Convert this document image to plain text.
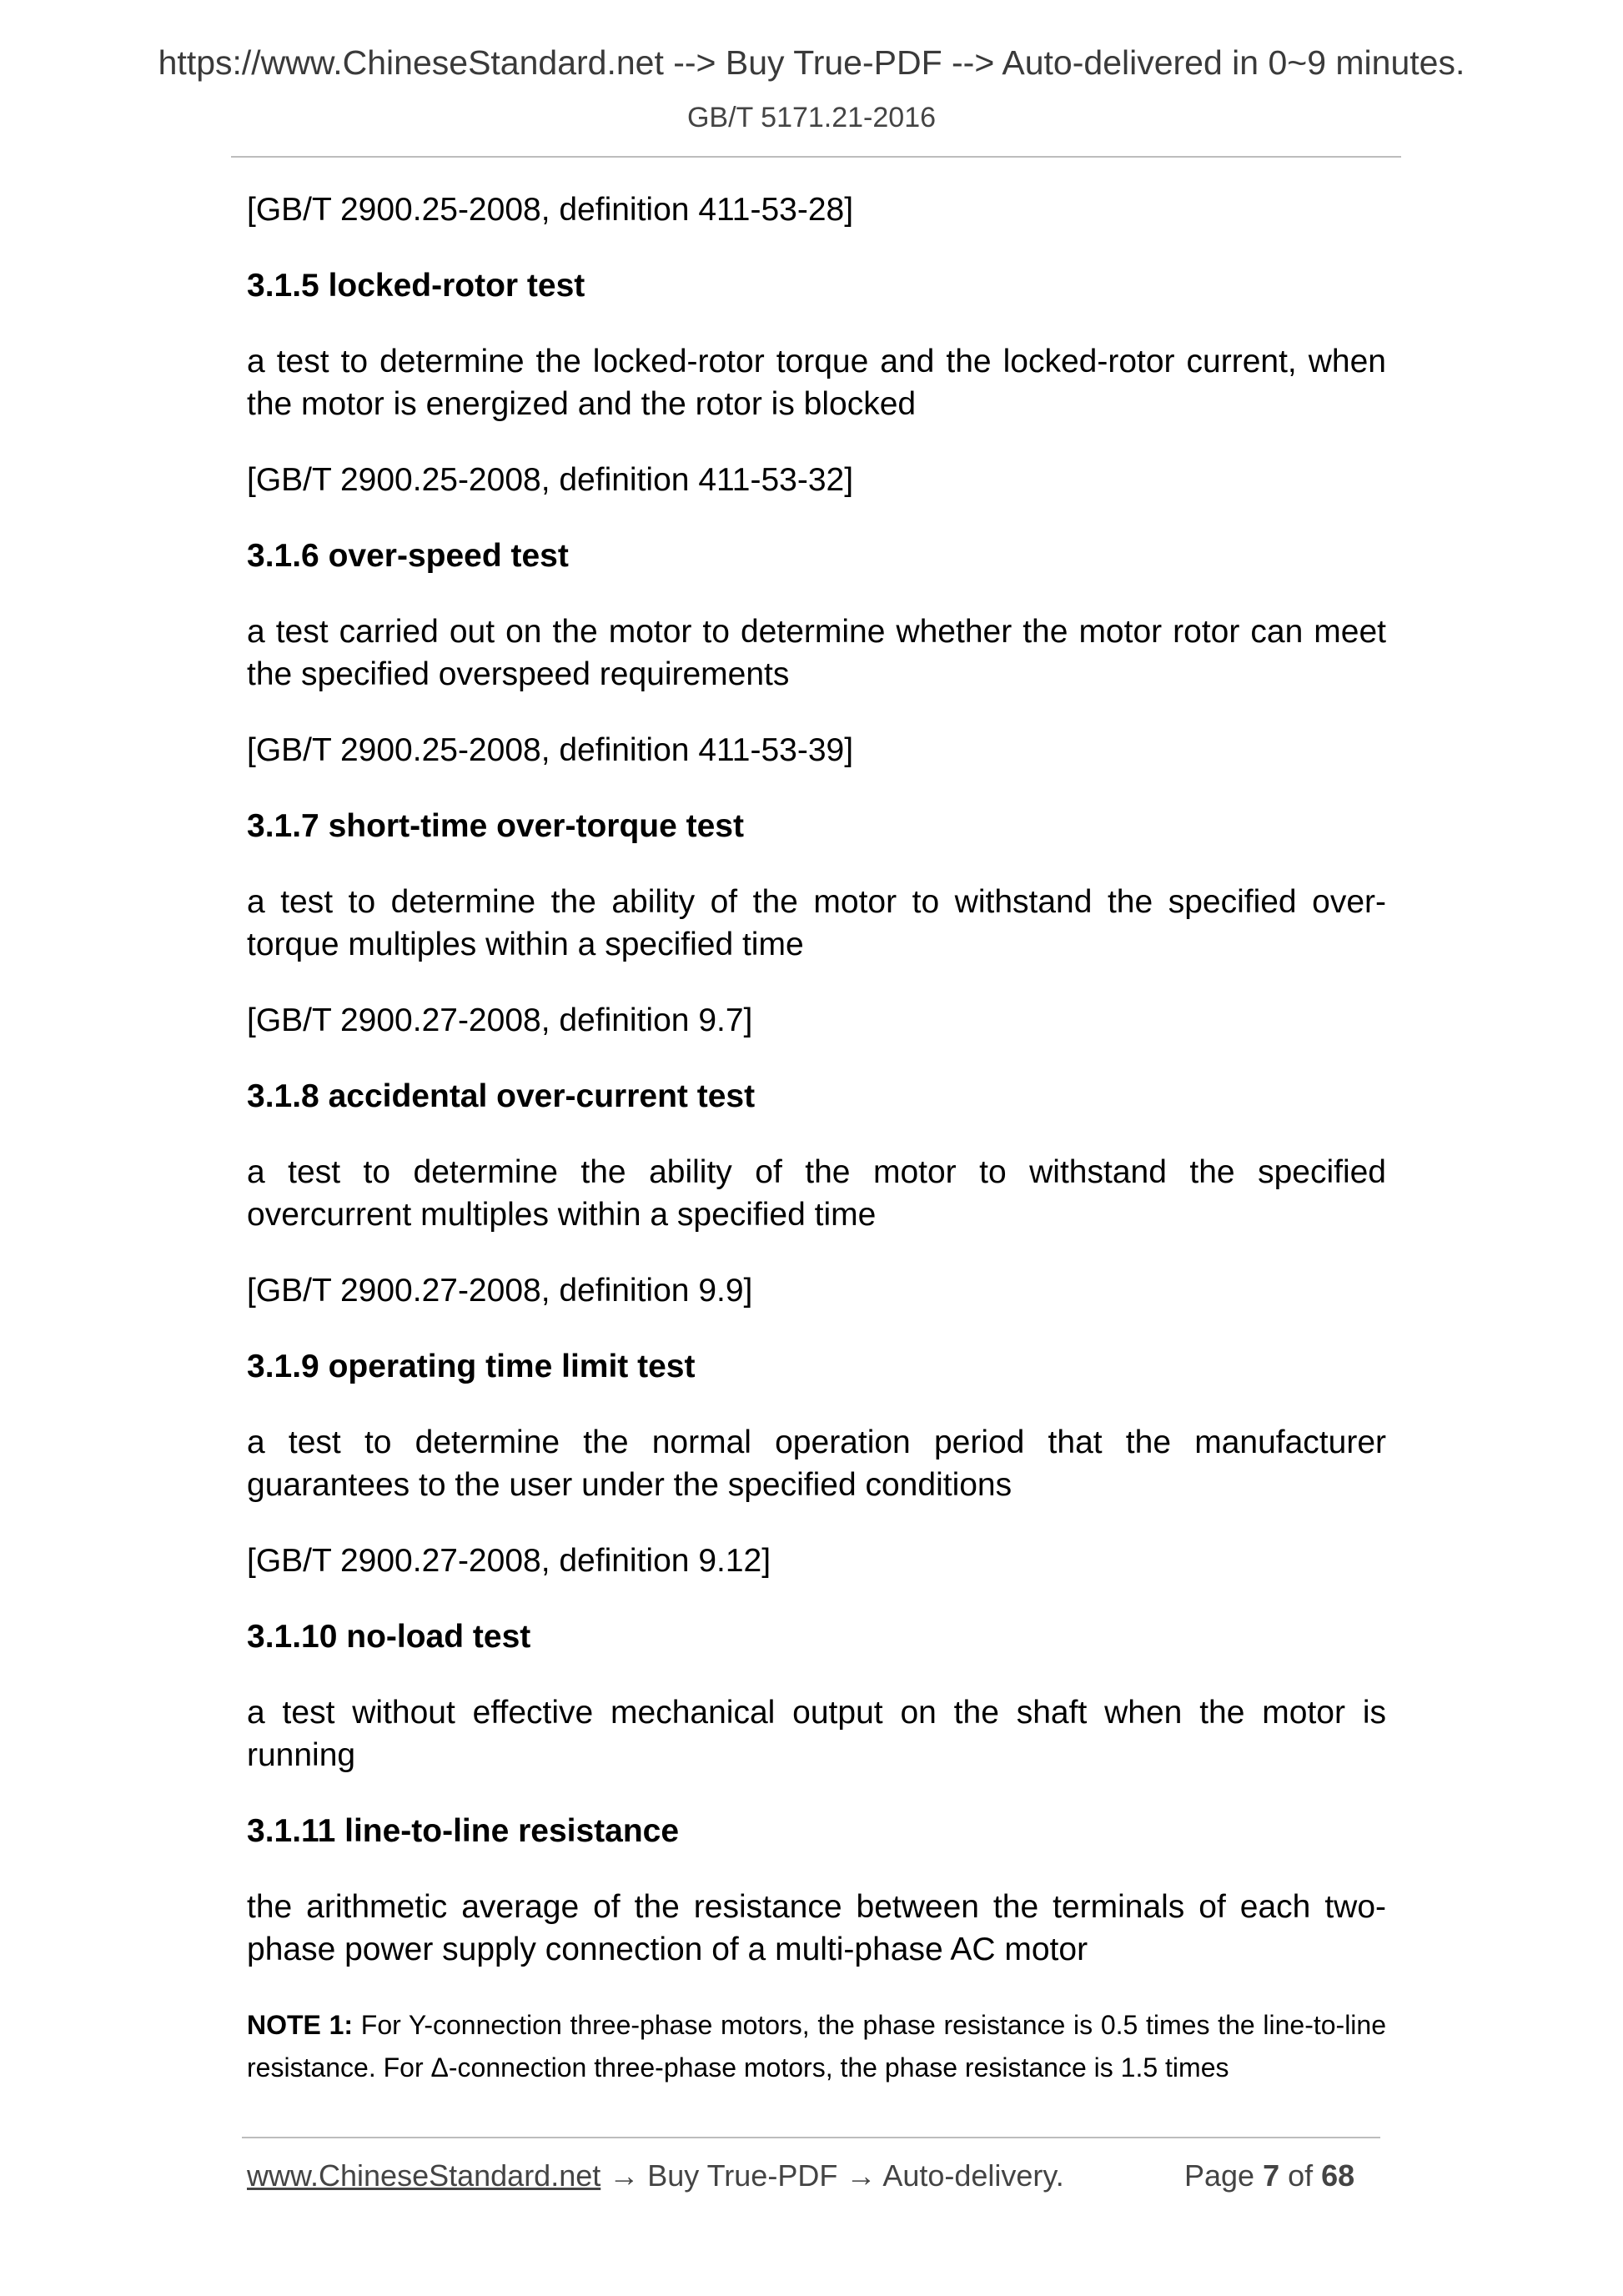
https://www.ChineseStandard.net --> Buy True-PDF --> Auto-delivered in 0~9 minutes.
GB/T 5171.21-2016

[GB/T 2900.25-2008, definition 411-53-28]

3.1.5 locked-rotor test

a test to determine the locked-rotor torque and the locked-rotor current, when the motor is energized and the rotor is blocked

[GB/T 2900.25-2008, definition 411-53-32]

3.1.6 over-speed test

a test carried out on the motor to determine whether the motor rotor can meet the specified overspeed requirements

[GB/T 2900.25-2008, definition 411-53-39]

3.1.7 short-time over-torque test

a test to determine the ability of the motor to withstand the specified over-torque multiples within a specified time

[GB/T 2900.27-2008, definition 9.7]

3.1.8 accidental over-current test

a test to determine the ability of the motor to withstand the specified overcurrent multiples within a specified time

[GB/T 2900.27-2008, definition 9.9]

3.1.9 operating time limit test

a test to determine the normal operation period that the manufacturer guarantees to the user under the specified conditions

[GB/T 2900.27-2008, definition 9.12]

3.1.10 no-load test

a test without effective mechanical output on the shaft when the motor is running

3.1.11 line-to-line resistance

the arithmetic average of the resistance between the terminals of each two-phase power supply connection of a multi-phase AC motor

NOTE 1: For Y-connection three-phase motors, the phase resistance is 0.5 times the line-to-line resistance. For Δ-connection three-phase motors, the phase resistance is 1.5 times

www.ChineseStandard.net → Buy True-PDF → Auto-delivery.	Page 7 of 68
